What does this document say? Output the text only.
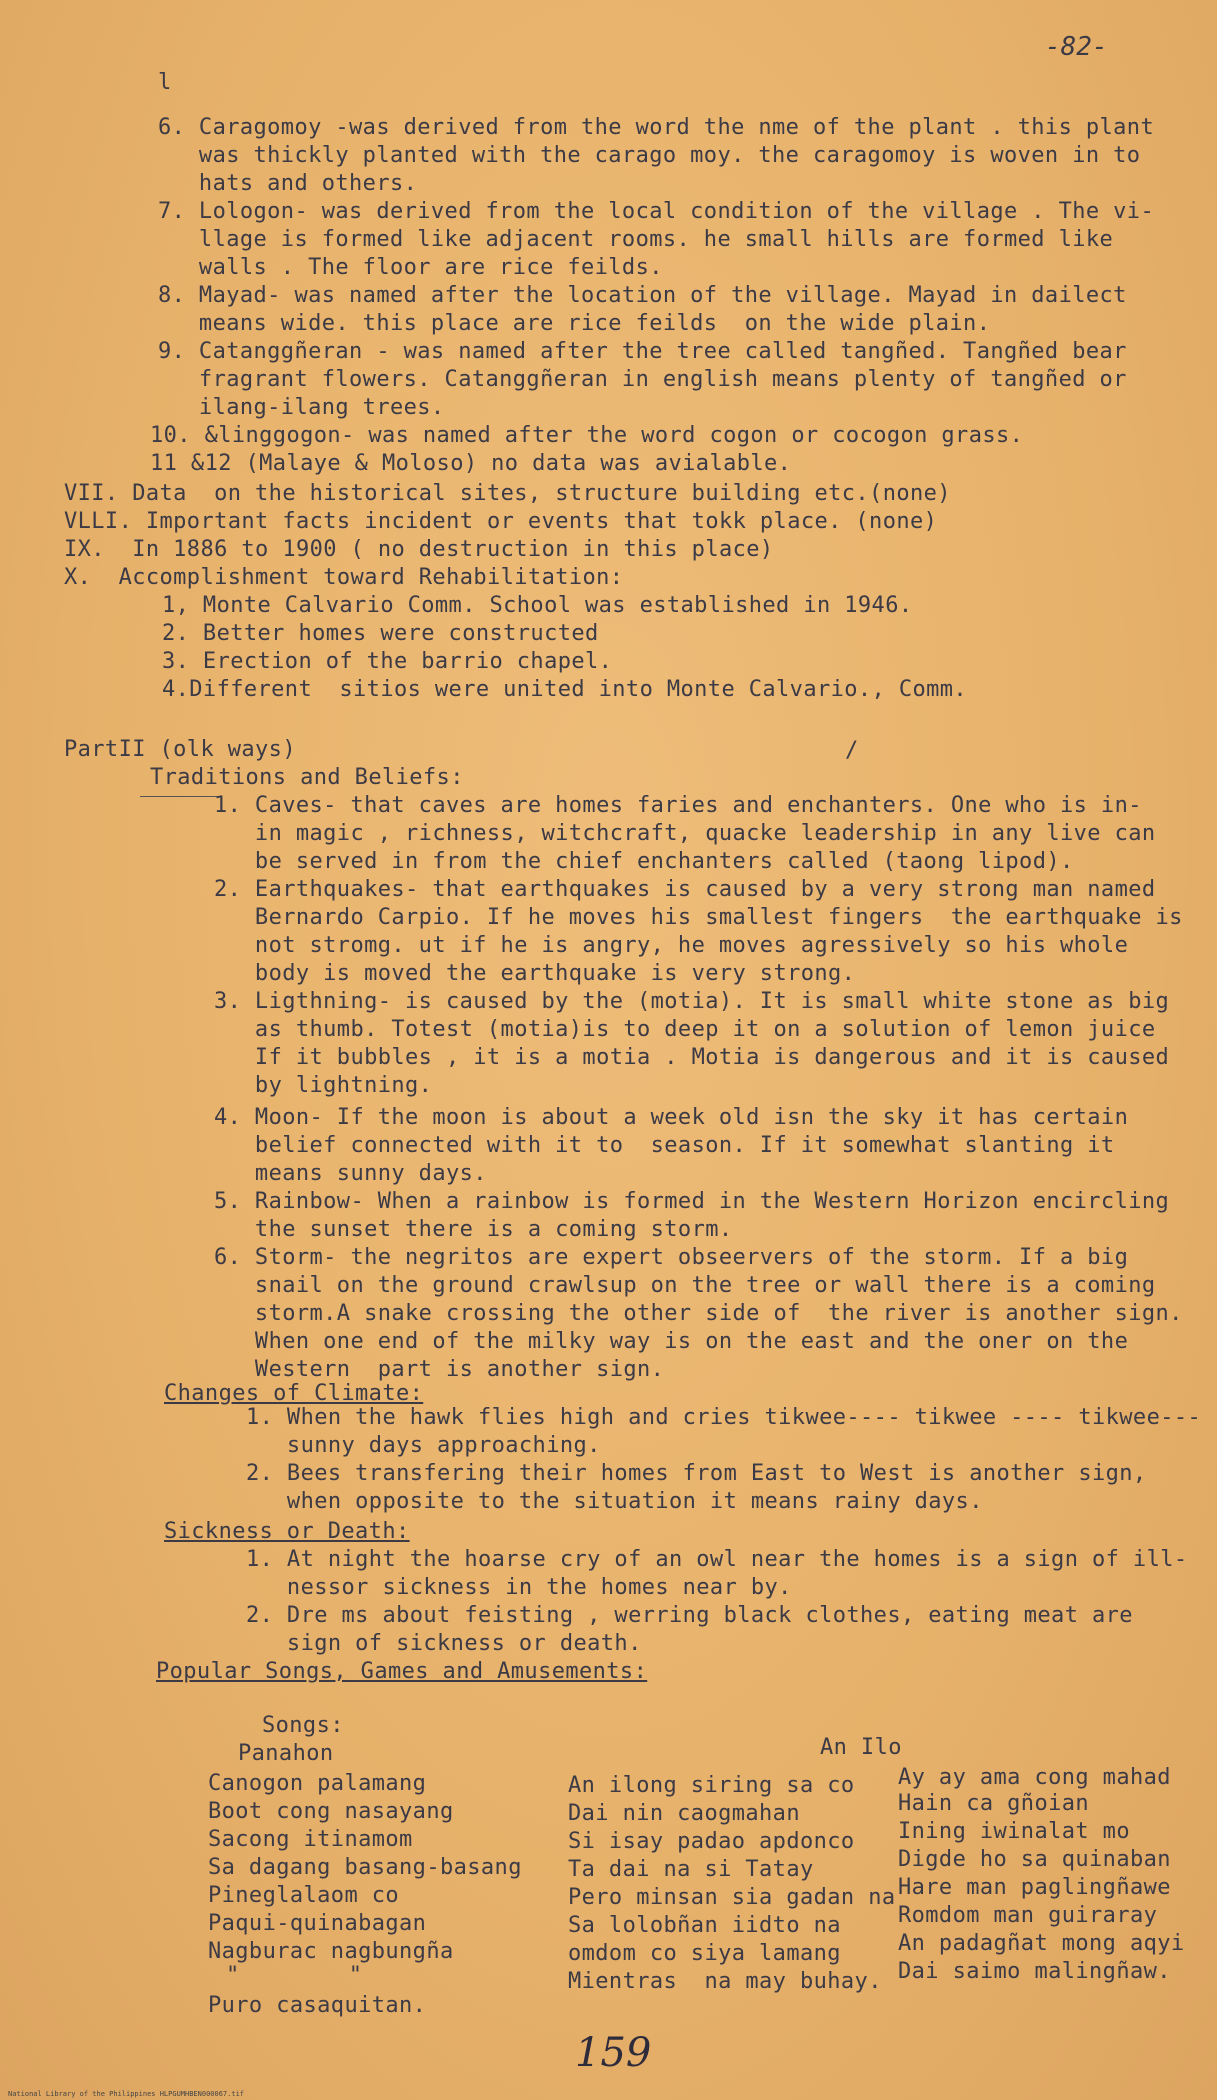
-82-
l
6. Caragomoy -was derived from the word the nme of the plant . this plant
was thickly planted with the carago moy. the caragomoy is woven in to
hats and others.
7. Lologon- was derived from the local condition of the village . The vi-
llage is formed like adjacent rooms. he small hills are formed like
walls . The floor are rice feilds.
8. Mayad- was named after the location of the village. Mayad in dailect
means wide. this place are rice feilds  on the wide plain.
9. Catanggñeran - was named after the tree called tangñed. Tangñed bear
fragrant flowers. Catanggñeran in english means plenty of tangñed or
ilang-ilang trees.
10. &linggogon- was named after the word cogon or cocogon grass.
11 &12 (Malaye & Moloso) no data was avialable.
VII. Data  on the historical sites, structure building etc.(none)
VLLI. Important facts incident or events that tokk place. (none)
IX.  In 1886 to 1900 ( no destruction in this place)
X.  Accomplishment toward Rehabilitation:
1, Monte Calvario Comm. School was established in 1946.
2. Better homes were constructed
3. Erection of the barrio chapel.
4.Different  sitios were united into Monte Calvario., Comm.
PartII (olk ways)	/
Traditions and Beliefs:
1. Caves- that caves are homes faries and enchanters. One who is in-
in magic , richness, witchcraft, quacke leadership in any live can
be served in from the chief enchanters called (taong lipod).
2. Earthquakes- that earthquakes is caused by a very strong man named
Bernardo Carpio. If he moves his smallest fingers  the earthquake is
not stromg. ut if he is angry, he moves agressively so his whole
body is moved the earthquake is very strong.
3. Ligthning- is caused by the (motia). It is small white stone as big
as thumb. Totest (motia)is to deep it on a solution of lemon juice
If it bubbles , it is a motia . Motia is dangerous and it is caused
by lightning.
4. Moon- If the moon is about a week old isn the sky it has certain
belief connected with it to  season. If it somewhat slanting it
means sunny days.
5. Rainbow- When a rainbow is formed in the Western Horizon encircling
the sunset there is a coming storm.
6. Storm- the negritos are expert obseervers of the storm. If a big
snail on the ground crawlsup on the tree or wall there is a coming
storm.A snake crossing the other side of  the river is another sign.
When one end of the milky way is on the east and the oner on the
Western  part is another sign.
Changes of Climate:
1. When the hawk flies high and cries tikwee---- tikwee ---- tikwee---
sunny days approaching.
2. Bees transfering their homes from East to West is another sign,
when opposite to the situation it means rainy days.
Sickness or Death:
1. At night the hoarse cry of an owl near the homes is a sign of ill-
nessor sickness in the homes near by.
2. Dre ms about feisting , werring black clothes, eating meat are
sign of sickness or death.
Popular Songs, Games and Amusements:
Songs:
Panahon
Canogon palamang
Boot cong nasayang
Sacong itinamom
Sa dagang basang-basang
Pineglalaom co
Paqui-quinabagan
Nagburac nagbungña
"        "
Puro casaquitan.
An Ilo
An ilong siring sa co
Dai nin caogmahan
Si isay padao apdonco
Ta dai na si Tatay
Pero minsan sia gadan na
Sa lolobñan iidto na
omdom co siya lamang
Mientras  na may buhay.
Ay ay ama cong mahad
Hain ca gñoian
Ining iwinalat mo
Digde ho sa quinaban
Hare man paglingñawe
Romdom man guiraray
An padagñat mong aqyi
Dai saimo malingñaw.
159
National Library of the Philippines HLPGUMHBEN000067.tif
